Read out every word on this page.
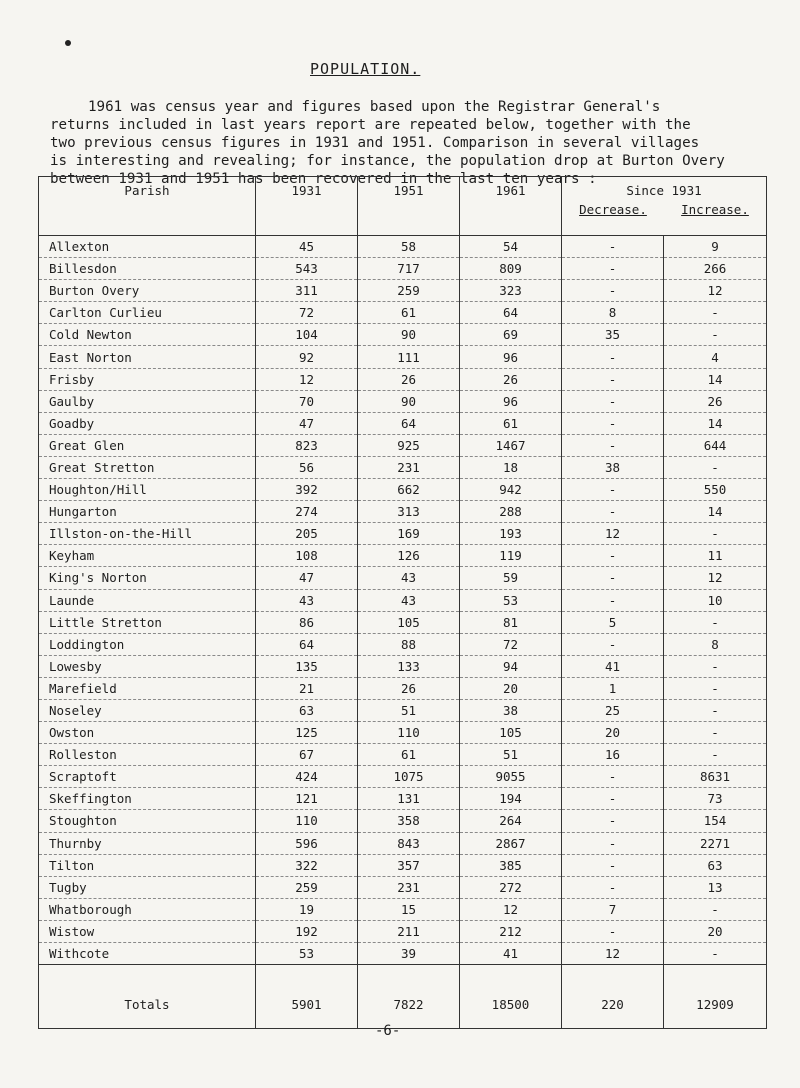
POPULATION.
1961 was census year and figures based upon the Registrar General's
returns included in last years report are repeated below, together with the
two previous census figures in 1931 and 1951. Comparison in several villages
is interesting and revealing; for instance, the population drop at Burton Overy
between 1931 and 1951 has been recovered in the last ten years :
Parish	1931	1951	1961	Since 1931
Decrease. Increase.	

Allexton	45	58	54	-	9
Billesdon	543	717	809	-	266
Burton Overy	311	259	323	-	12
Carlton Curlieu	72	61	64	8	-
Cold Newton	104	90	69	35	-
East Norton	92	111	96	-	4
Frisby	12	26	26	-	14
Gaulby	70	90	96	-	26
Goadby	47	64	61	-	14
Great Glen	823	925	1467	-	644
Great Stretton	56	231	18	38	-
Houghton/Hill	392	662	942	-	550
Hungarton	274	313	288	-	14
Illston-on-the-Hill	205	169	193	12	-
Keyham	108	126	119	-	11
King's Norton	47	43	59	-	12
Launde	43	43	53	-	10
Little Stretton	86	105	81	5	-
Loddington	64	88	72	-	8
Lowesby	135	133	94	41	-
Marefield	21	26	20	1	-
Noseley	63	51	38	25	-
Owston	125	110	105	20	-
Rolleston	67	61	51	16	-
Scraptoft	424	1075	9055	-	8631
Skeffington	121	131	194	-	73
Stoughton	110	358	264	-	154
Thurnby	596	843	2867	-	2271
Tilton	322	357	385	-	63
Tugby	259	231	272	-	13
Whatborough	19	15	12	7	-
Wistow	192	211	212	-	20
Withcote	53	39	41	12	-
Totals	5901	7822	18500	220	12909
-6-
